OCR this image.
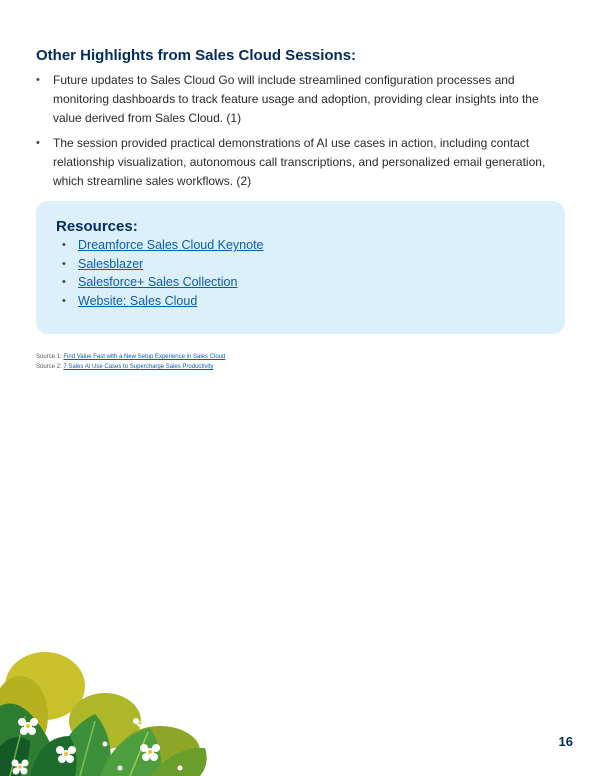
Other Highlights from Sales Cloud Sessions:
• Future updates to Sales Cloud Go will include streamlined configuration processes and monitoring dashboards to track feature usage and adoption, providing clear insights into the value derived from Sales Cloud. (1)
• The session provided practical demonstrations of AI use cases in action, including contact relationship visualization, autonomous call transcriptions, and personalized email generation, which streamline sales workflows. (2)
Resources:
• Dreamforce Sales Cloud Keynote
• Salesblazer
• Salesforce+ Sales Collection
• Website: Sales Cloud
Source 1: Find Value Fast with a New Setup Experience in Sales Cloud
Source 2: 7 Sales AI Use Cases to Supercharge Sales Productivity
16
